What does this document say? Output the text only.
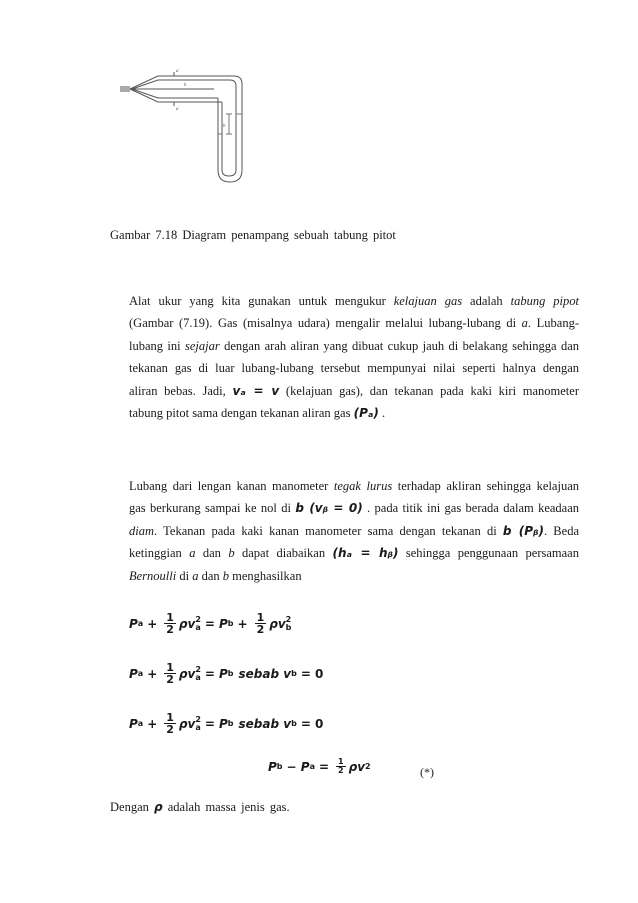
a
b
a
h
Gambar 7.18 Diagram penampang sebuah tabung pitot
Alat ukur yang kita gunakan untuk mengukur kelajuan gas adalah tabung pipot
(Gambar (7.19). Gas (misalnya udara) mengalir melalui lubang-lubang di a. Lubang-
lubang ini sejajar dengan arah aliran yang dibuat cukup jauh di belakang sehingga dan
tekanan gas di luar lubang-lubang tersebut mempunyai nilai seperti halnya dengan
aliran bebas. Jadi, vₐ = v (kelajuan gas), dan tekanan pada kaki kiri manometer
tabung pitot sama dengan tekanan aliran gas (Pₐ) .
Lubang dari lengan kanan manometer tegak lurus terhadap akliran sehingga kelajuan
gas berkurang sampai ke nol di b (vᵦ = 0) . pada titik ini gas berada dalam keadaan
diam. Tekanan pada kaki kanan manometer sama dengan tekanan di b (Pᵦ). Beda
ketinggian a dan b dapat diabaikan (hₐ = hᵦ) sehingga penggunaan persamaan
Bernoulli di a dan b menghasilkan
P $a + \frac{1}{2}$ ρv 2
a = P $b + \frac{1}{2}$ ρv 2
b
P $a + \frac{1}{2}$ ρv 2
a = P b sebab v b = 0
P $a + \frac{1}{2}$ ρv 2
a = P b sebab v b = 0
P b − P $a = \frac{1}{2}$ ρv 2	(*)
Dengan ρ adalah massa jenis gas.
